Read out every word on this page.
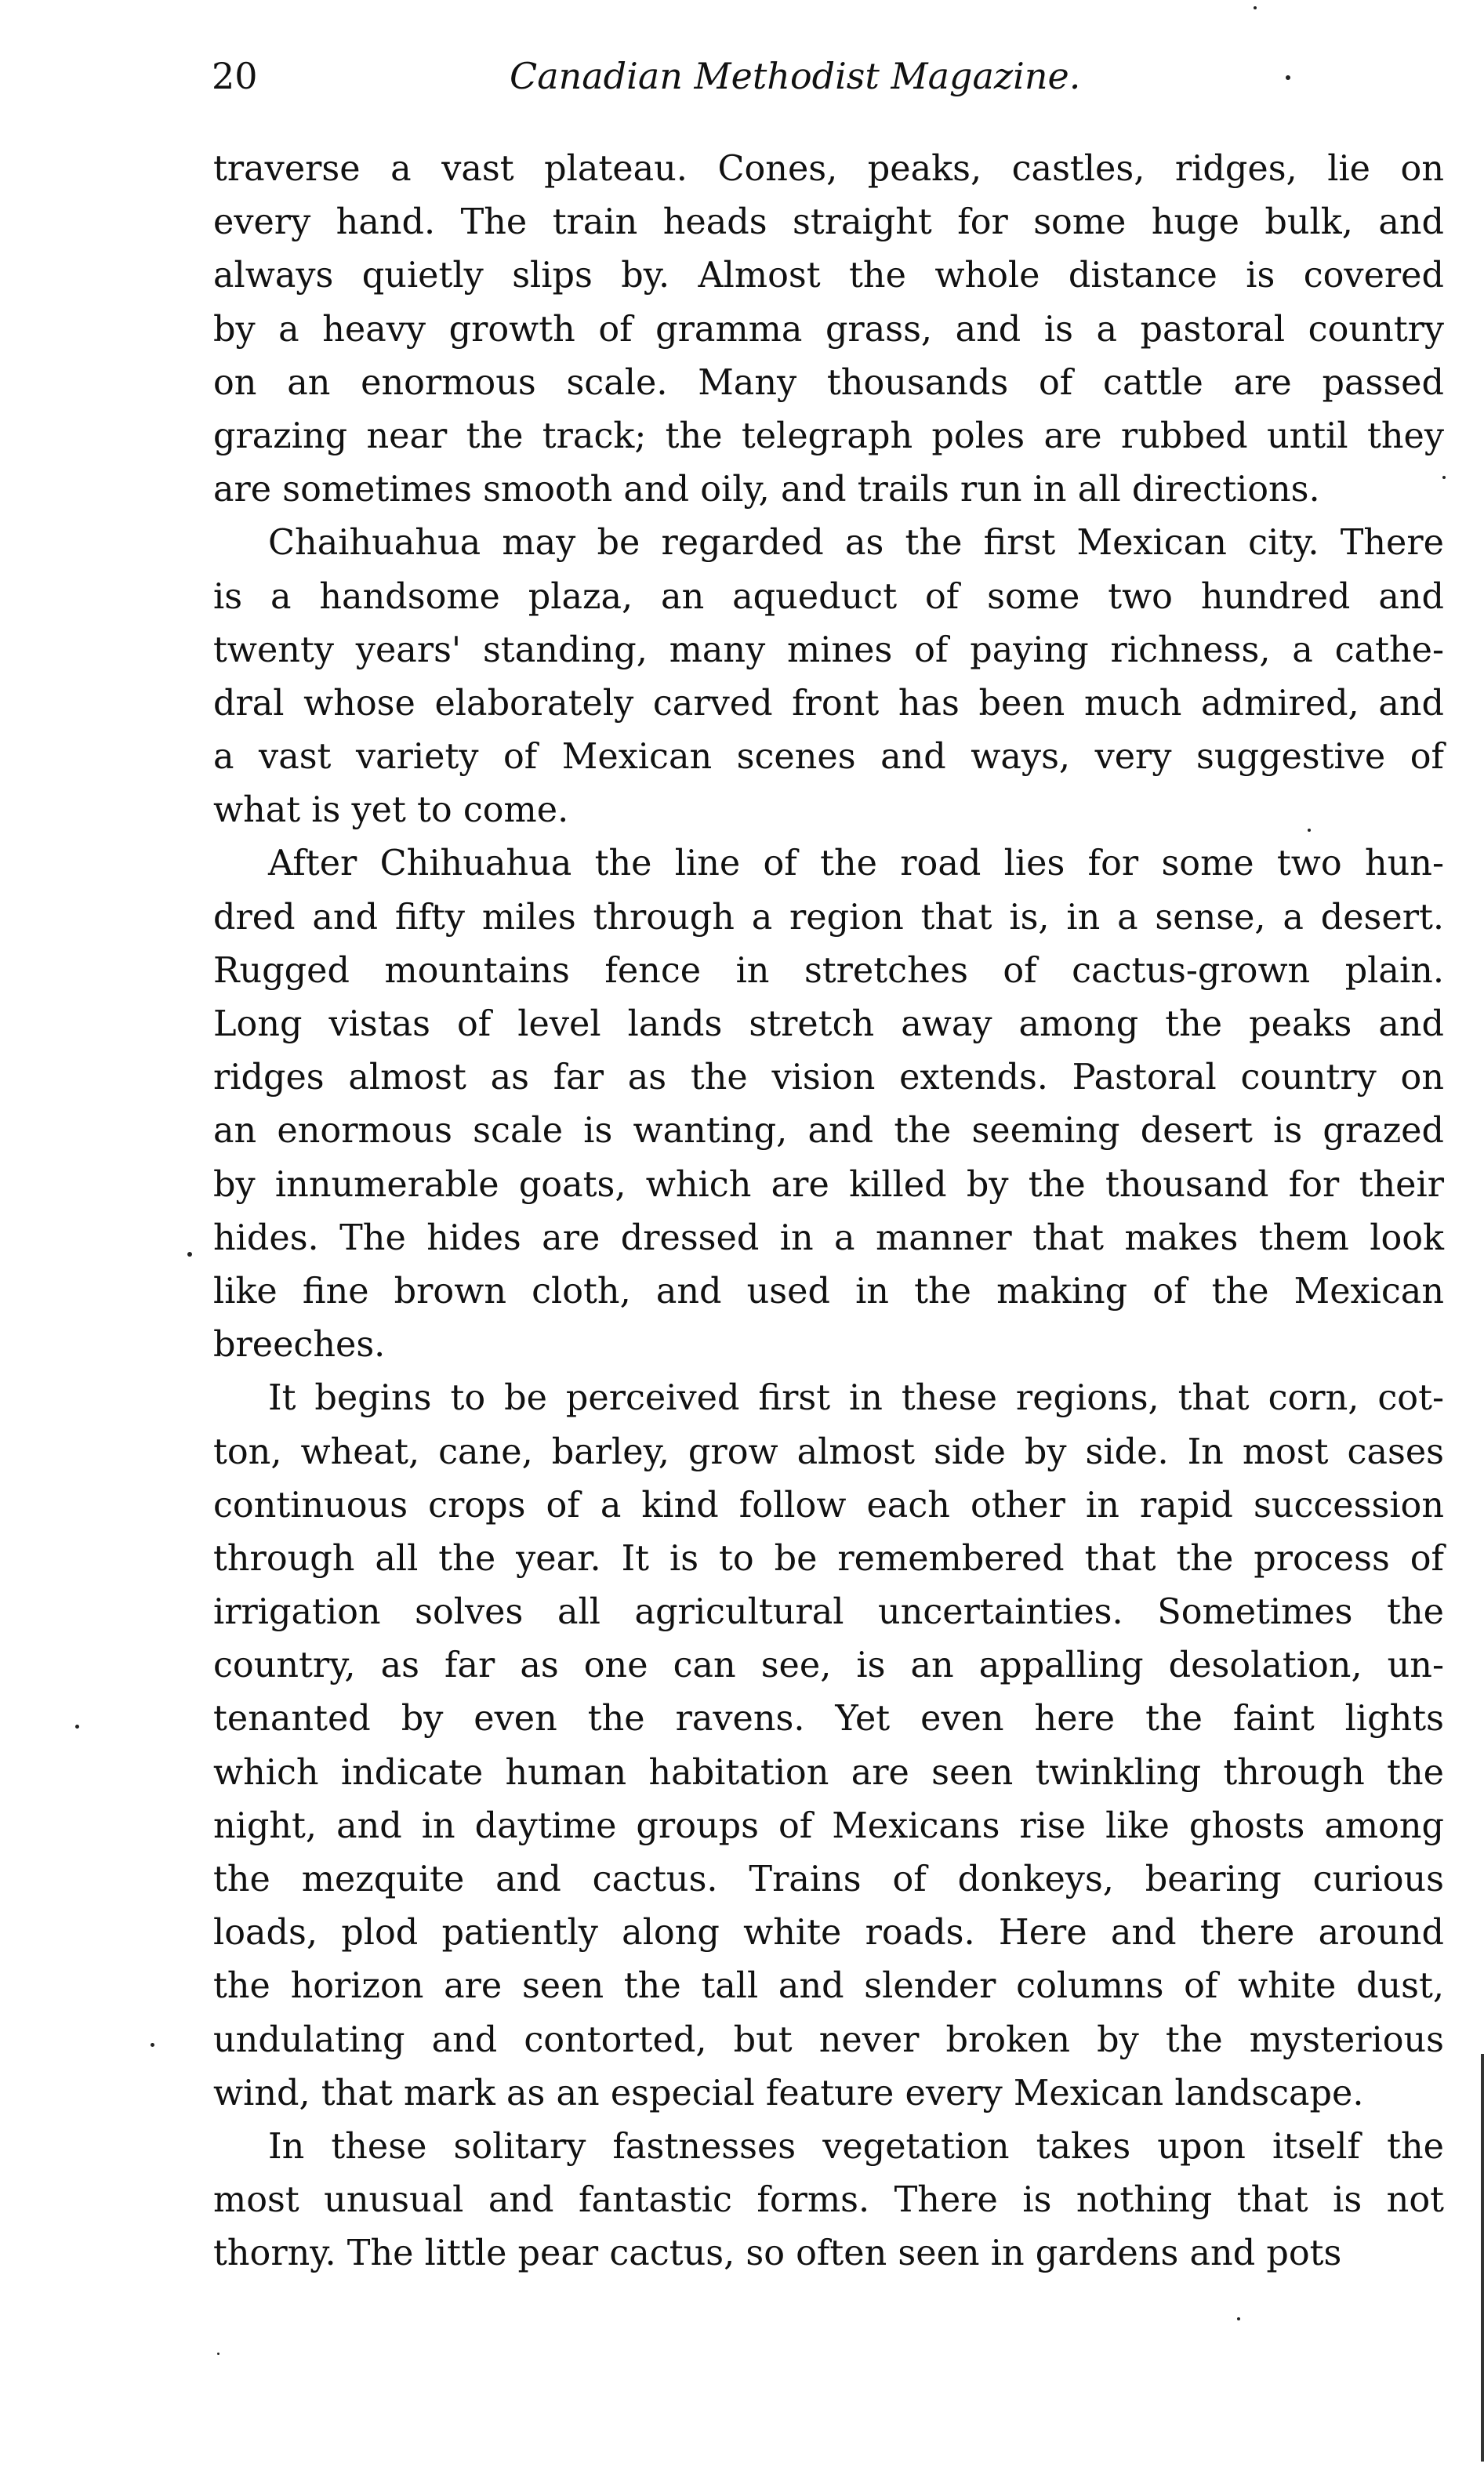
20	Canadian Methodist Magazine.
traverse a vast plateau. Cones, peaks, castles, ridges, lie on
every hand. The train heads straight for some huge bulk, and
always quietly slips by. Almost the whole distance is covered
by a heavy growth of gramma grass, and is a pastoral country
on an enormous scale. Many thousands of cattle are passed
grazing near the track; the telegraph poles are rubbed until they
are sometimes smooth and oily, and trails run in all directions.
Chaihuahua may be regarded as the first Mexican city. There
is a handsome plaza, an aqueduct of some two hundred and
twenty years' standing, many mines of paying richness, a cathe-
dral whose elaborately carved front has been much admired, and
a vast variety of Mexican scenes and ways, very suggestive of
what is yet to come.
After Chihuahua the line of the road lies for some two hun-
dred and fifty miles through a region that is, in a sense, a desert.
Rugged mountains fence in stretches of cactus-grown plain.
Long vistas of level lands stretch away among the peaks and
ridges almost as far as the vision extends. Pastoral country on
an enormous scale is wanting, and the seeming desert is grazed
by innumerable goats, which are killed by the thousand for their
hides. The hides are dressed in a manner that makes them look
like fine brown cloth, and used in the making of the Mexican
breeches.
It begins to be perceived first in these regions, that corn, cot-
ton, wheat, cane, barley, grow almost side by side. In most cases
continuous crops of a kind follow each other in rapid succession
through all the year. It is to be remembered that the process of
irrigation solves all agricultural uncertainties. Sometimes the
country, as far as one can see, is an appalling desolation, un-
tenanted by even the ravens. Yet even here the faint lights
which indicate human habitation are seen twinkling through the
night, and in daytime groups of Mexicans rise like ghosts among
the mezquite and cactus. Trains of donkeys, bearing curious
loads, plod patiently along white roads. Here and there around
the horizon are seen the tall and slender columns of white dust,
undulating and contorted, but never broken by the mysterious
wind, that mark as an especial feature every Mexican landscape.
In these solitary fastnesses vegetation takes upon itself the
most unusual and fantastic forms. There is nothing that is not
thorny. The little pear cactus, so often seen in gardens and pots
